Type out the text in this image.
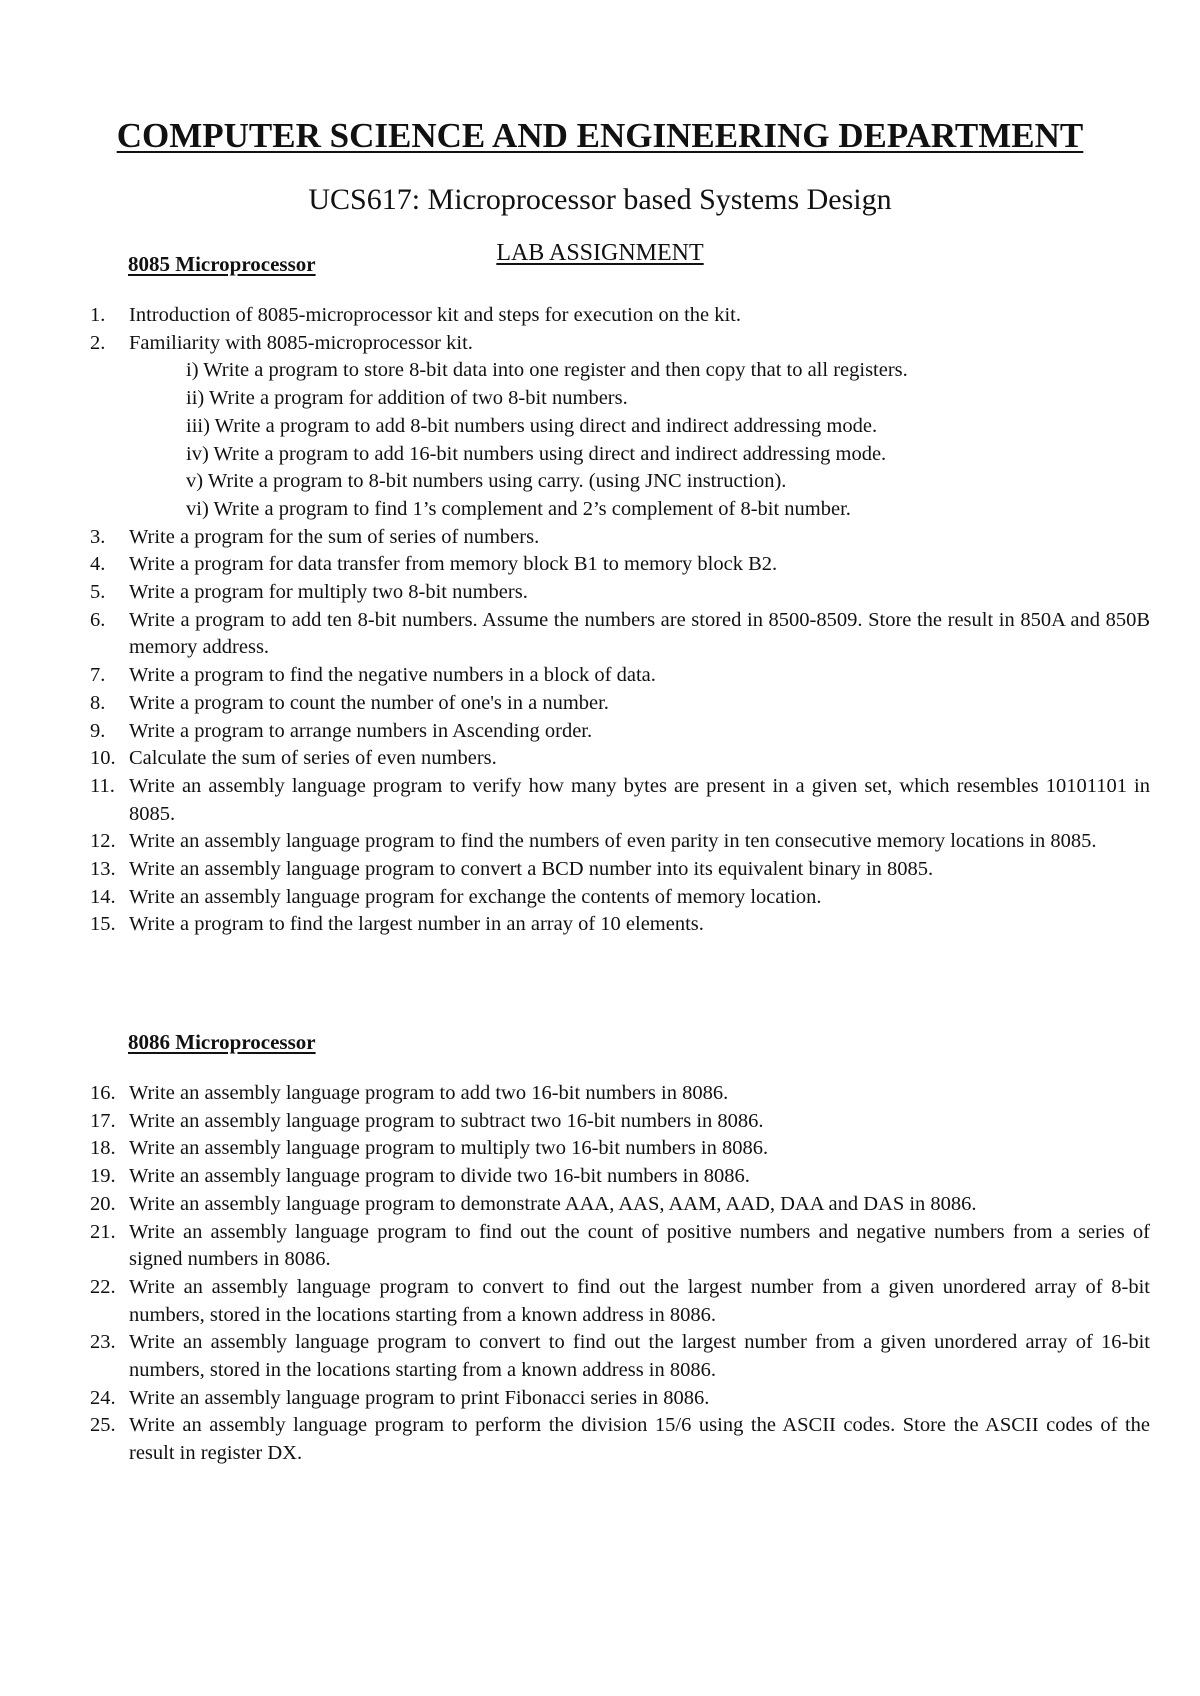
COMPUTER SCIENCE AND ENGINEERING DEPARTMENT
UCS617: Microprocessor based Systems Design
LAB ASSIGNMENT
8085 Microprocessor
1. Introduction of 8085-microprocessor kit and steps for execution on the kit.
2. Familiarity with 8085-microprocessor kit.
i) Write a program to store 8-bit data into one register and then copy that to all registers.
ii) Write a program for addition of two 8-bit numbers.
iii) Write a program to add 8-bit numbers using direct and indirect addressing mode.
iv) Write a program to add 16-bit numbers using direct and indirect addressing mode.
v) Write a program to 8-bit numbers using carry. (using JNC instruction).
vi) Write a program to find 1’s complement and 2’s complement of 8-bit number.
3. Write a program for the sum of series of numbers.
4. Write a program for data transfer from memory block B1 to memory block B2.
5. Write a program for multiply two 8-bit numbers.
6. Write a program to add ten 8-bit numbers. Assume the numbers are stored in 8500-8509. Store the result in 850A and 850B memory address.
7. Write a program to find the negative numbers in a block of data.
8. Write a program to count the number of one's in a number.
9. Write a program to arrange numbers in Ascending order.
10. Calculate the sum of series of even numbers.
11. Write an assembly language program to verify how many bytes are present in a given set, which resembles 10101101 in 8085.
12. Write an assembly language program to find the numbers of even parity in ten consecutive memory locations in 8085.
13. Write an assembly language program to convert a BCD number into its equivalent binary in 8085.
14. Write an assembly language program for exchange the contents of memory location.
15. Write a program to find the largest number in an array of 10 elements.
8086 Microprocessor
16. Write an assembly language program to add two 16-bit numbers in 8086.
17. Write an assembly language program to subtract two 16-bit numbers in 8086.
18. Write an assembly language program to multiply two 16-bit numbers in 8086.
19. Write an assembly language program to divide two 16-bit numbers in 8086.
20. Write an assembly language program to demonstrate AAA, AAS, AAM, AAD, DAA and DAS in 8086.
21. Write an assembly language program to find out the count of positive numbers and negative numbers from a series of signed numbers in 8086.
22. Write an assembly language program to convert to find out the largest number from a given unordered array of 8-bit numbers, stored in the locations starting from a known address in 8086.
23. Write an assembly language program to convert to find out the largest number from a given unordered array of 16-bit numbers, stored in the locations starting from a known address in 8086.
24. Write an assembly language program to print Fibonacci series in 8086.
25. Write an assembly language program to perform the division 15/6 using the ASCII codes. Store the ASCII codes of the result in register DX.
